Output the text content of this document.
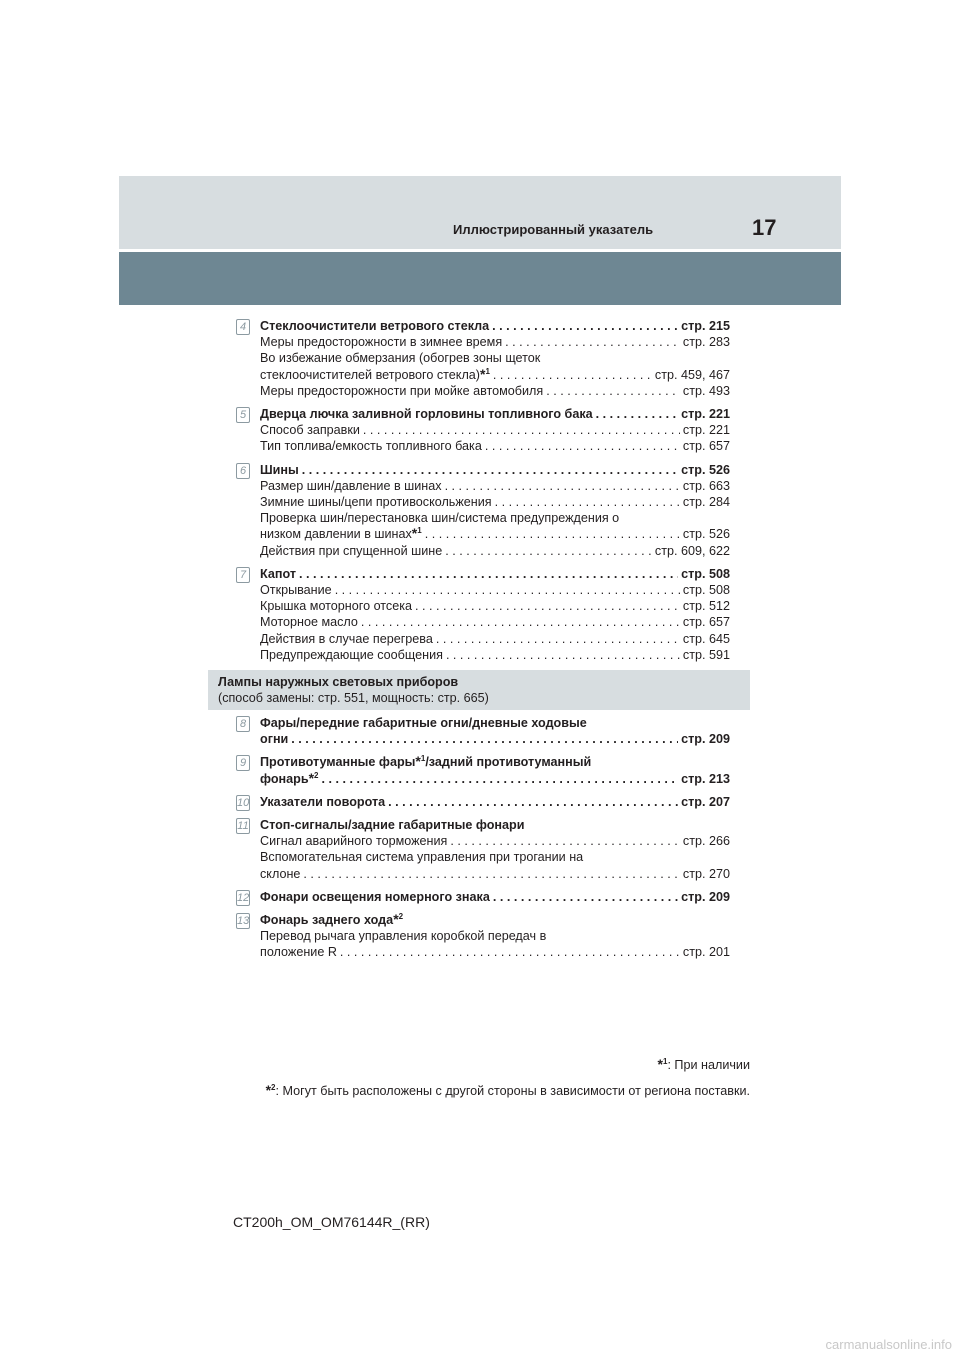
Иллюстрированный указатель	17
4	Стеклоочистители ветрового стекла . . .	стр. 215
Меры предосторожности в зимнее время . . .	стр. 283
Во избежание обмерзания (обогрев зоны щеток
стеклоочистителей ветрового стекла)*$^1$ . . .	стр. 459, 467
Меры предосторожности при мойке автомобиля . . .	стр. 493
5	Дверца лючка заливной горловины топливного бака . . .	стр. 221
Способ заправки . . .	стр. 221
Тип топлива/емкость топливного бака . . .	стр. 657
6	Шины . . .	стр. 526
Размер шин/давление в шинах . . .	стр. 663
Зимние шины/цепи противоскольжения . . .	стр. 284
Проверка шин/перестановка шин/система предупреждения о
низком давлении в шинах*$^1$ . . .	стр. 526
Действия при спущенной шине . . .	стр. 609, 622
7	Капот . . .	стр. 508
Открывание . . .	стр. 508
Крышка моторного отсека . . .	стр. 512
Моторное масло . . .	стр. 657
Действия в случае перегрева . . .	стр. 645
Предупреждающие сообщения . . .	стр. 591
Лампы наружных световых приборов
(способ замены: стр. 551, мощность: стр. 665)
8	Фары/передние габаритные огни/дневные ходовые
огни . . .	стр. 209
9	Противотуманные фары*$^1$/задний противотуманный
фонарь*$^2$ . . .	стр. 213
10 Указатели поворота . . .	стр. 207
11 Стоп-сигналы/задние габаритные фонари
Сигнал аварийного торможения . . .	стр. 266
Вспомогательная система управления при трогании на
склоне . . .	стр. 270
12 Фонари освещения номерного знака . . .	стр. 209
13 Фонарь заднего хода*$^2$
Перевод рычага управления коробкой передач в
положение R . . .	стр. 201
*$^1$: При наличии
*$^2$: Могут быть расположены с другой стороны в зависимости от региона поставки.
CT200h_OM_OM76144R_(RR)
carmanualsonline.info
